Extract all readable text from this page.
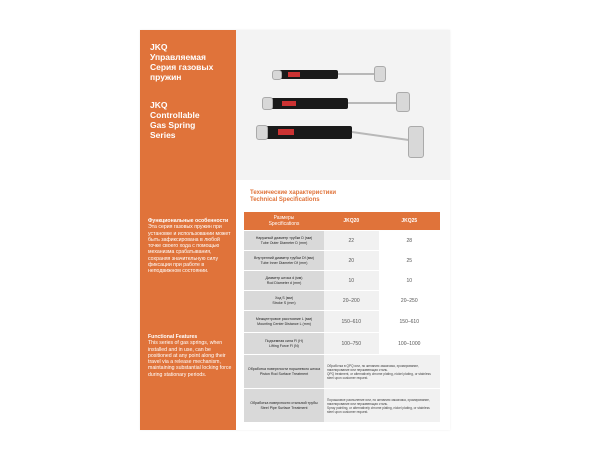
JKQ
Управляемая
Серия газовых
пружин
JKQ
Controllable
Gas Spring
Series
Функциональные особенности
Эта серия газовых пружин при установке и использовании может быть зафиксирована в любой точке своего хода с помощью механизма срабатывания, сохраняя значительную силу фиксации при работе в неподвижном состоянии.
Functional Features
This series of gas springs, when installed and in use, can be positioned at any point along their travel via a release mechanism, maintaining substantial locking force during stationary periods.
Технические характеристики
Technical Specifications
Размеры
Specifications	JKQ20	JKQ25

Наружный диаметр трубки D (мм)
Tube Outer Diameter D (mm)	22	28

Внутренний диаметр трубки Df (мм)
Tube Inner Diameter Df (mm)	20	25

Диаметр штока d (мм)
Rod Diameter d (mm)	10	10

Ход S (мм)
Stroke S (mm)	20–200	20–250

Межцентровое расстояние L (мм)
Mounting Center Distance L (mm)	150–610	150–610

Подъемная сила Fl (Н)
Lifting Force Fl (N)	100–750	100–1000

Обработка поверхности поршневого штока
Piston Rod Surface Treatment	Обработка в QPQ или, по желанию заказчика, хромирование, никелирование или нержавеющая сталь.
QPQ treatment, or alternatively chrome plating, nickel plating, or stainless steel upon customer request.	

Обработка поверхности стальной трубы
Steel Pipe Surface Treatment	Порошковое распыление или, по желанию заказчика, хромирование, никелирование или нержавеющая сталь.
Spray painting, or alternatively chrome plating, nickel plating, or stainless steel upon customer request.	
